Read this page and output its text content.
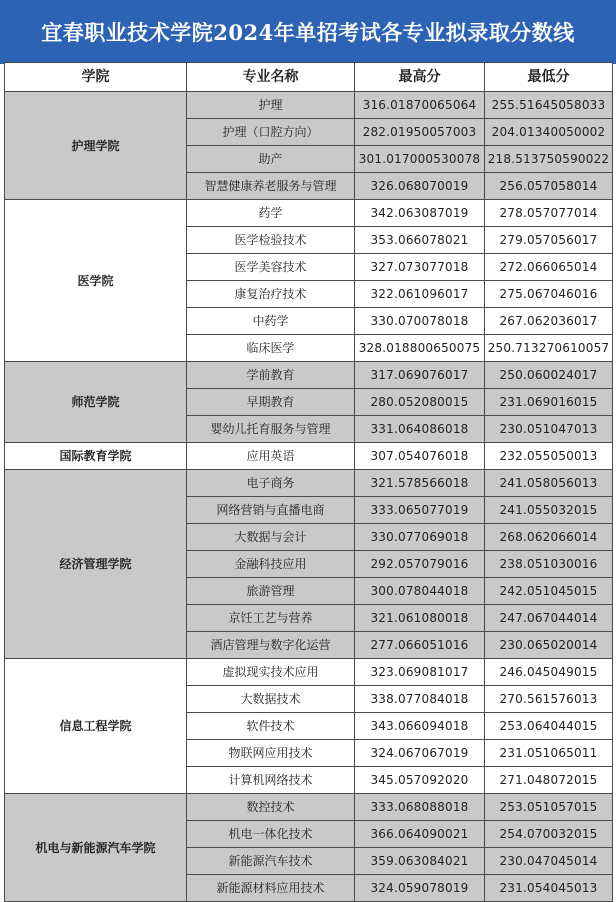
宜春职业技术学院2024年单招考试各专业拟录取分数线
学院	专业名称	最高分	最低分
护理学院	护理	316.01870065064	255.51645058033
	护理（口腔方向）	282.01950057003	204.01340050002
	助产	301.017000530078	218.513750590022
	智慧健康养老服务与管理	326.068070019	256.057058014
医学院	药学	342.063087019	278.057077014
	医学检验技术	353.066078021	279.057056017
	医学美容技术	327.073077018	272.066065014
	康复治疗技术	322.061096017	275.067046016
	中药学	330.070078018	267.062036017
	临床医学	328.018800650075	250.713270610057
师范学院	学前教育	317.069076017	250.060024017
	早期教育	280.052080015	231.069016015
	婴幼儿托育服务与管理	331.064086018	230.051047013
国际教育学院	应用英语	307.054076018	232.055050013
经济管理学院	电子商务	321.578566018	241.058056013
	网络营销与直播电商	333.065077019	241.055032015
	大数据与会计	330.077069018	268.062066014
	金融科技应用	292.057079016	238.051030016
	旅游管理	300.078044018	242.051045015
	京饪工艺与营养	321.061080018	247.067044014
	酒店管理与数字化运营	277.066051016	230.065020014
信息工程学院	虚拟现实技术应用	323.069081017	246.045049015
	大数据技术	338.077084018	270.561576013
	软件技术	343.066094018	253.064044015
	物联网应用技术	324.067067019	231.051065011
	计算机网络技术	345.057092020	271.048072015
机电与新能源汽车学院	数控技术	333.068088018	253.051057015
	机电一体化技术	366.064090021	254.070032015
	新能源汽车技术	359.063084021	230.047045014
	新能源材料应用技术	324.059078019	231.054045013
